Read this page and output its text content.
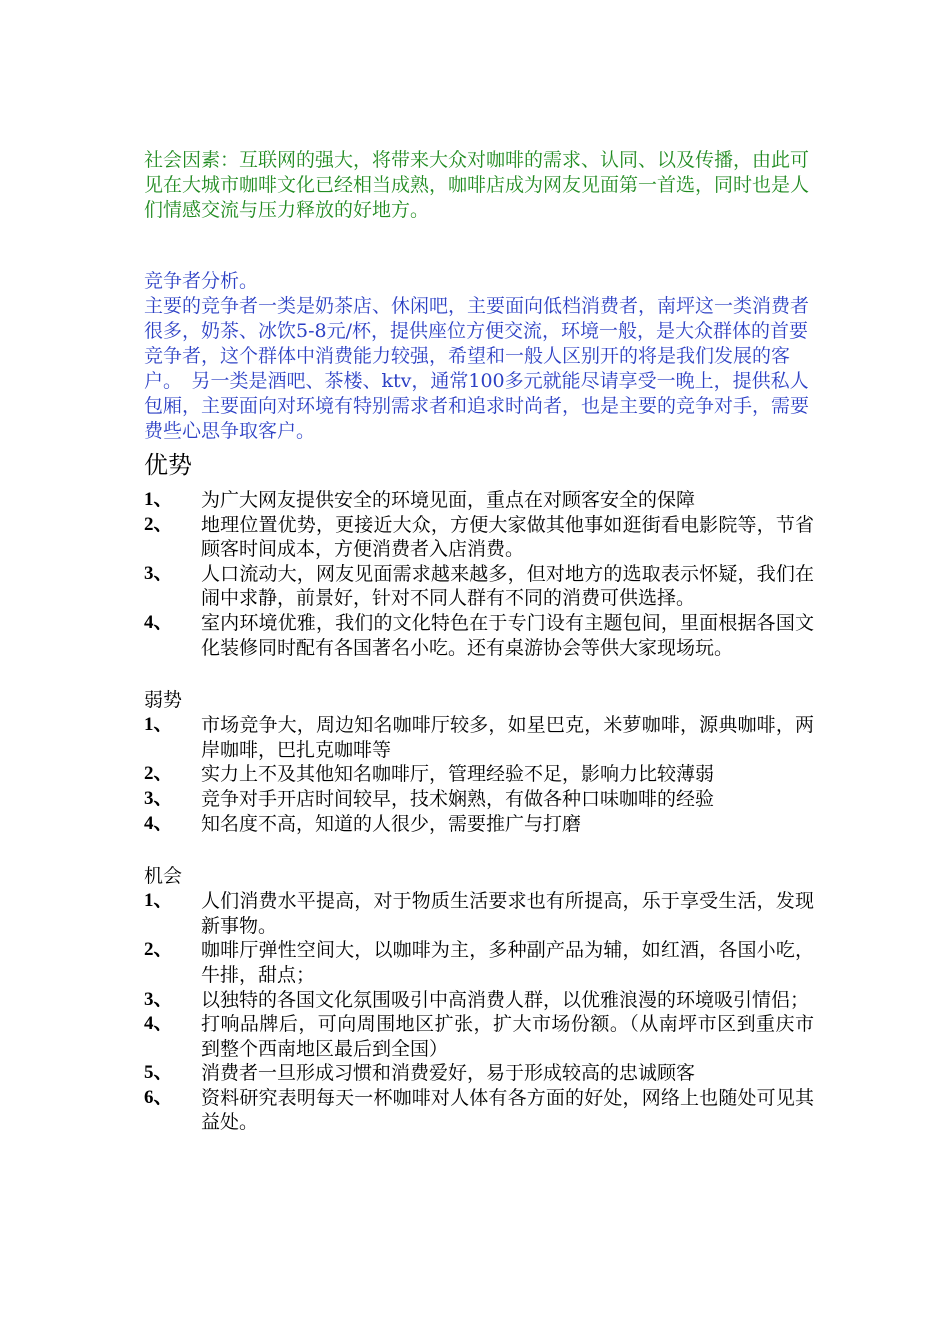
社会因素：互联网的强大，将带来大众对咖啡的需求、认同、以及传播，由此可见在大城市咖啡文化已经相当成熟，咖啡店成为网友见面第一首选，同时也是人们情感交流与压力释放的好地方。

竞争者分析。

主要的竞争者一类是奶茶店、休闲吧，主要面向低档消费者，南坪这一类消费者很多，奶茶、冰饮5-8元/杯，提供座位方便交流，环境一般，是大众群体的首要竞争者，这个群体中消费能力较强，希望和一般人区别开的将是我们发展的客户。　另一类是酒吧、茶楼、ktv，通常100多元就能尽请享受一晚上，提供私人包厢，主要面向对环境有特别需求者和追求时尚者，也是主要的竞争对手，需要费些心思争取客户。

优势
1、	为广大网友提供安全的环境见面，重点在对顾客安全的保障
2、	地理位置优势，更接近大众，方便大家做其他事如逛街看电影院等，节省顾客时间成本，方便消费者入店消费。
3、	人口流动大，网友见面需求越来越多，但对地方的选取表示怀疑，我们在闹中求静，前景好，针对不同人群有不同的消费可供选择。
4、	室内环境优雅，我们的文化特色在于专门设有主题包间，里面根据各国文化装修同时配有各国著名小吃。还有桌游协会等供大家现场玩。
弱势
1、	市场竞争大，周边知名咖啡厅较多，如星巴克，米萝咖啡，源典咖啡，两岸咖啡，巴扎克咖啡等
2、	实力上不及其他知名咖啡厅，管理经验不足，影响力比较薄弱
3、	竞争对手开店时间较早，技术娴熟，有做各种口味咖啡的经验
4、	知名度不高，知道的人很少，需要推广与打磨
机会
1、	人们消费水平提高，对于物质生活要求也有所提高，乐于享受生活，发现新事物。
2、	咖啡厅弹性空间大，以咖啡为主，多种副产品为辅，如红酒，各国小吃，牛排，甜点；
3、	以独特的各国文化氛围吸引中高消费人群，以优雅浪漫的环境吸引情侣；
4、	打响品牌后，可向周围地区扩张，扩大市场份额。（从南坪市区到重庆市到整个西南地区最后到全国）
5、	消费者一旦形成习惯和消费爱好，易于形成较高的忠诚顾客
6、	资料研究表明每天一杯咖啡对人体有各方面的好处，网络上也随处可见其益处。
